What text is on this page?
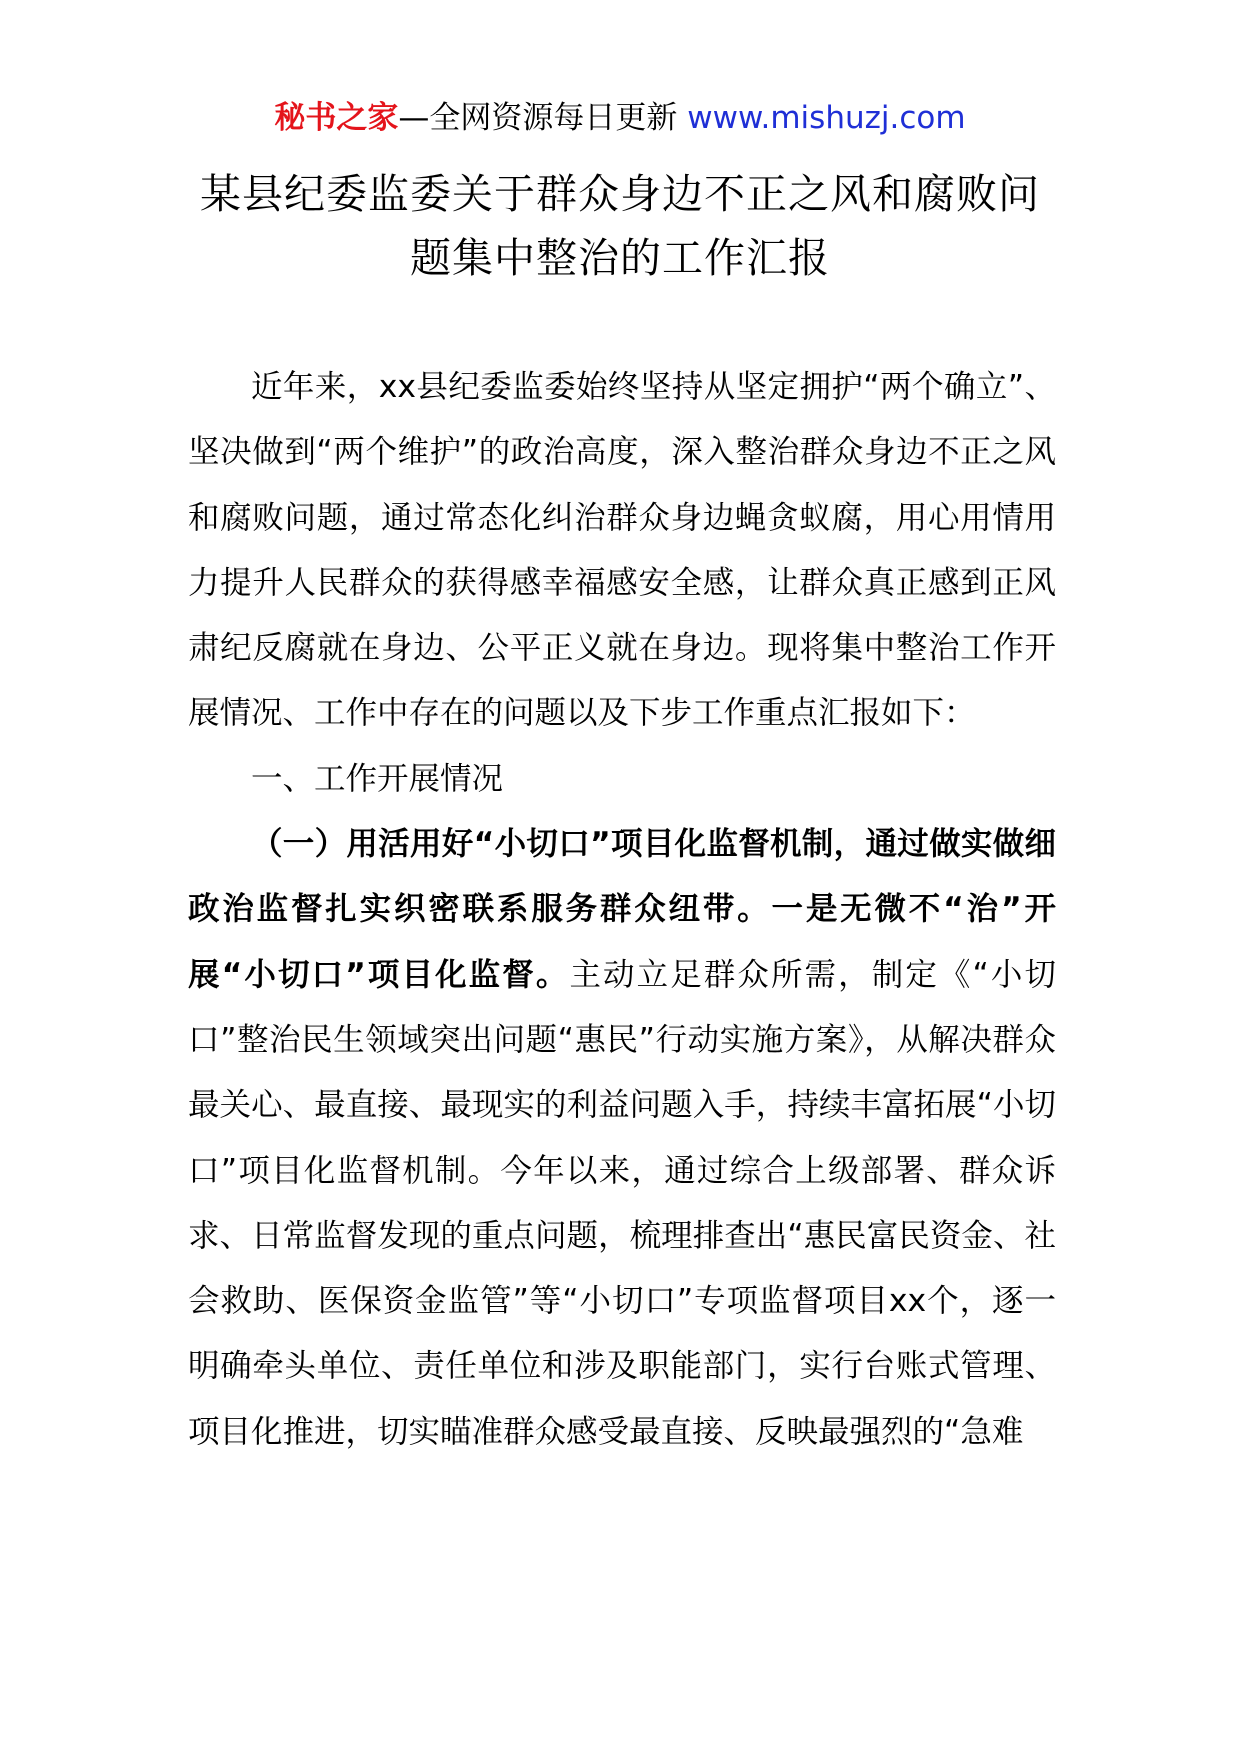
秘书之家—全网资源每日更新 www.mishuzj.com
某县纪委监委关于群众身边不正之风和腐败问
题集中整治的工作汇报

近年来，xx县纪委监委始终坚持从坚定拥护“两个确立”、坚决做到“两个维护”的政治高度，深入整治群众身边不正之风和腐败问题，通过常态化纠治群众身边蝇贪蚁腐，用心用情用力提升人民群众的获得感幸福感安全感，让群众真正感到正风肃纪反腐就在身边、公平正义就在身边。现将集中整治工作开展情况、工作中存在的问题以及下步工作重点汇报如下：

一、工作开展情况

（一）用活用好“小切口”项目化监督机制，通过做实做细政治监督扎实织密联系服务群众纽带。一是无微不“治”开展“小切口”项目化监督。主动立足群众所需，制定《“小切口”整治民生领域突出问题“惠民”行动实施方案》，从解决群众最关心、最直接、最现实的利益问题入手，持续丰富拓展“小切口”项目化监督机制。今年以来，通过综合上级部署、群众诉求、日常监督发现的重点问题，梳理排查出“惠民富民资金、社会救助、医保资金监管”等“小切口”专项监督项目xx个，逐一明确牵头单位、责任单位和涉及职能部门，实行台账式管理、项目化推进，切实瞄准群众感受最直接、反映最强烈的“急难
